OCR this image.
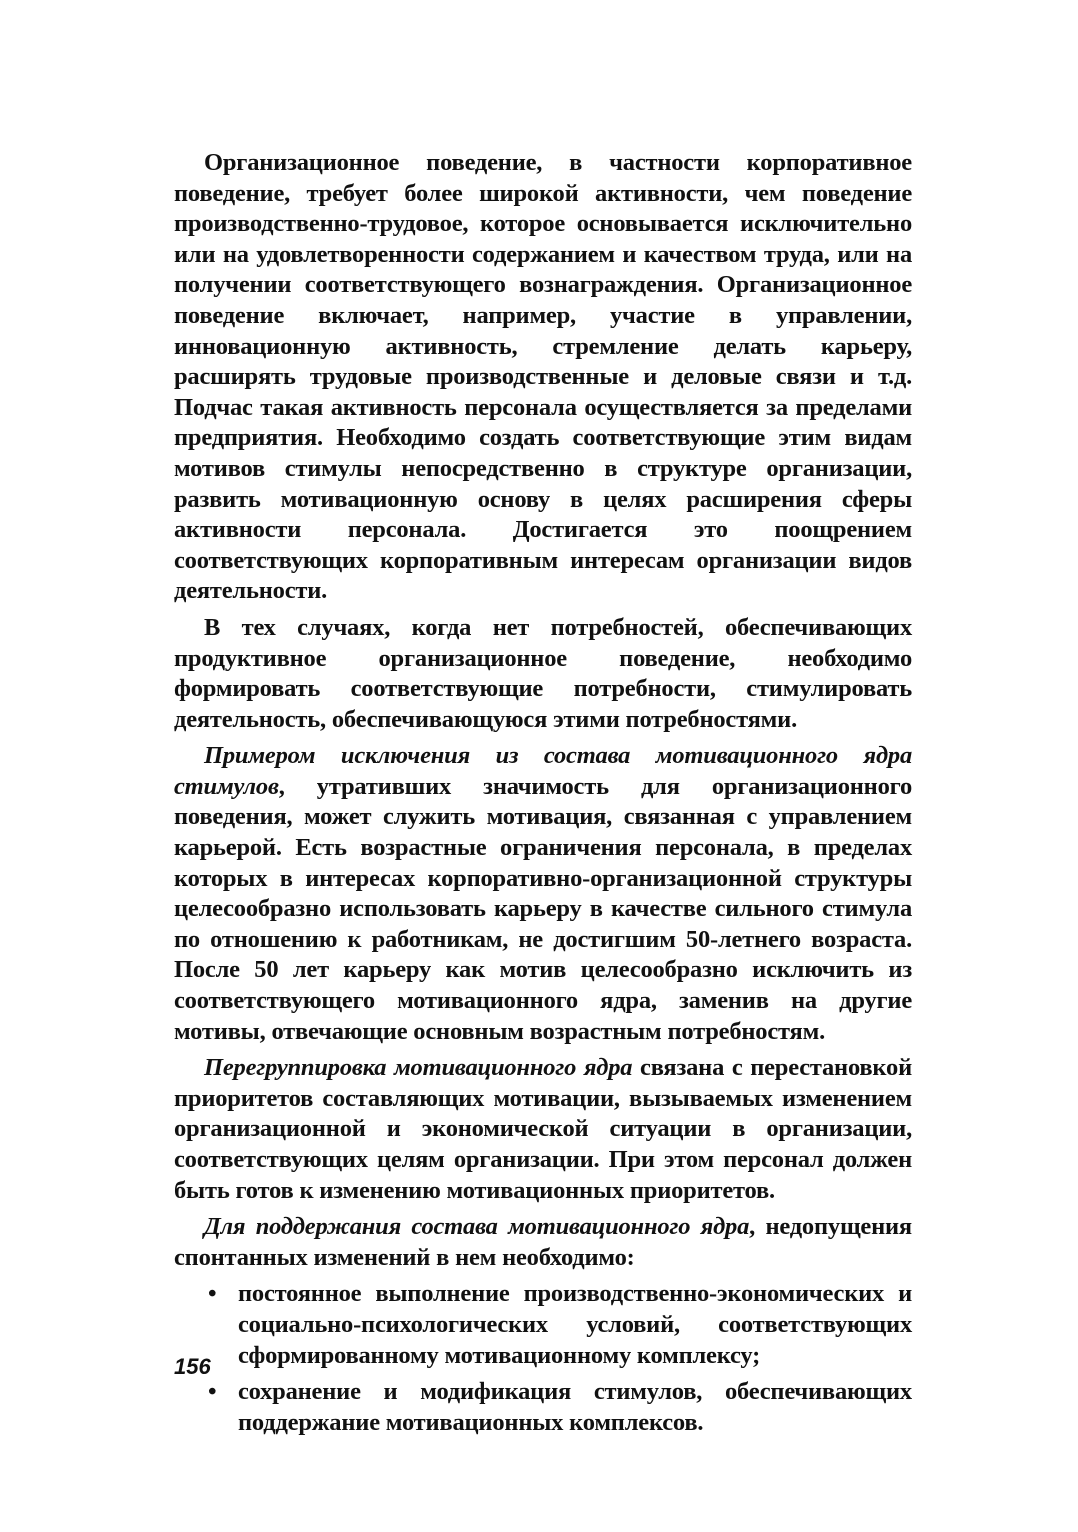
Организационное поведение, в частности корпоративное поведение, требует более широкой активности, чем поведение производственно-трудовое, которое основывается исключительно или на удовлетворенности содержанием и качеством труда, или на получении соответствующего вознаграждения. Организационное поведение включает, например, участие в управлении, инновационную активность, стремление делать карьеру, расширять трудовые производственные и деловые связи и т.д. Подчас такая активность персонала осуществляется за пределами предприятия. Необходимо создать соответствующие этим видам мотивов стимулы непосредственно в структуре организации, развить мотивационную основу в целях расширения сферы активности персонала. Достигается это поощрением соответствующих корпоративным интересам организации видов деятельности.

В тех случаях, когда нет потребностей, обеспечивающих продуктивное организационное поведение, необходимо формировать соответствующие потребности, стимулировать деятельность, обеспечивающуюся этими потребностями.

Примером исключения из состава мотивационного ядра стимулов, утративших значимость для организационного поведения, может служить мотивация, связанная с управлением карьерой. Есть возрастные ограничения персонала, в пределах которых в интересах корпоративно-организационной структуры целесообразно использовать карьеру в качестве сильного стимула по отношению к работникам, не достигшим 50-летнего возраста. После 50 лет карьеру как мотив целесообразно исключить из соответствующего мотивационного ядра, заменив на другие мотивы, отвечающие основным возрастным потребностям.

Перегруппировка мотивационного ядра связана с перестановкой приоритетов составляющих мотивации, вызываемых изменением организационной и экономической ситуации в организации, соответствующих целям организации. При этом персонал должен быть готов к изменению мотивационных приоритетов.

Для поддержания состава мотивационного ядра, недопущения спонтанных изменений в нем необходимо:

• постоянное выполнение производственно-экономических и социально-психологических условий, соответствующих сформированному мотивационному комплексу;
• сохранение и модификация стимулов, обеспечивающих поддержание мотивационных комплексов.
156
